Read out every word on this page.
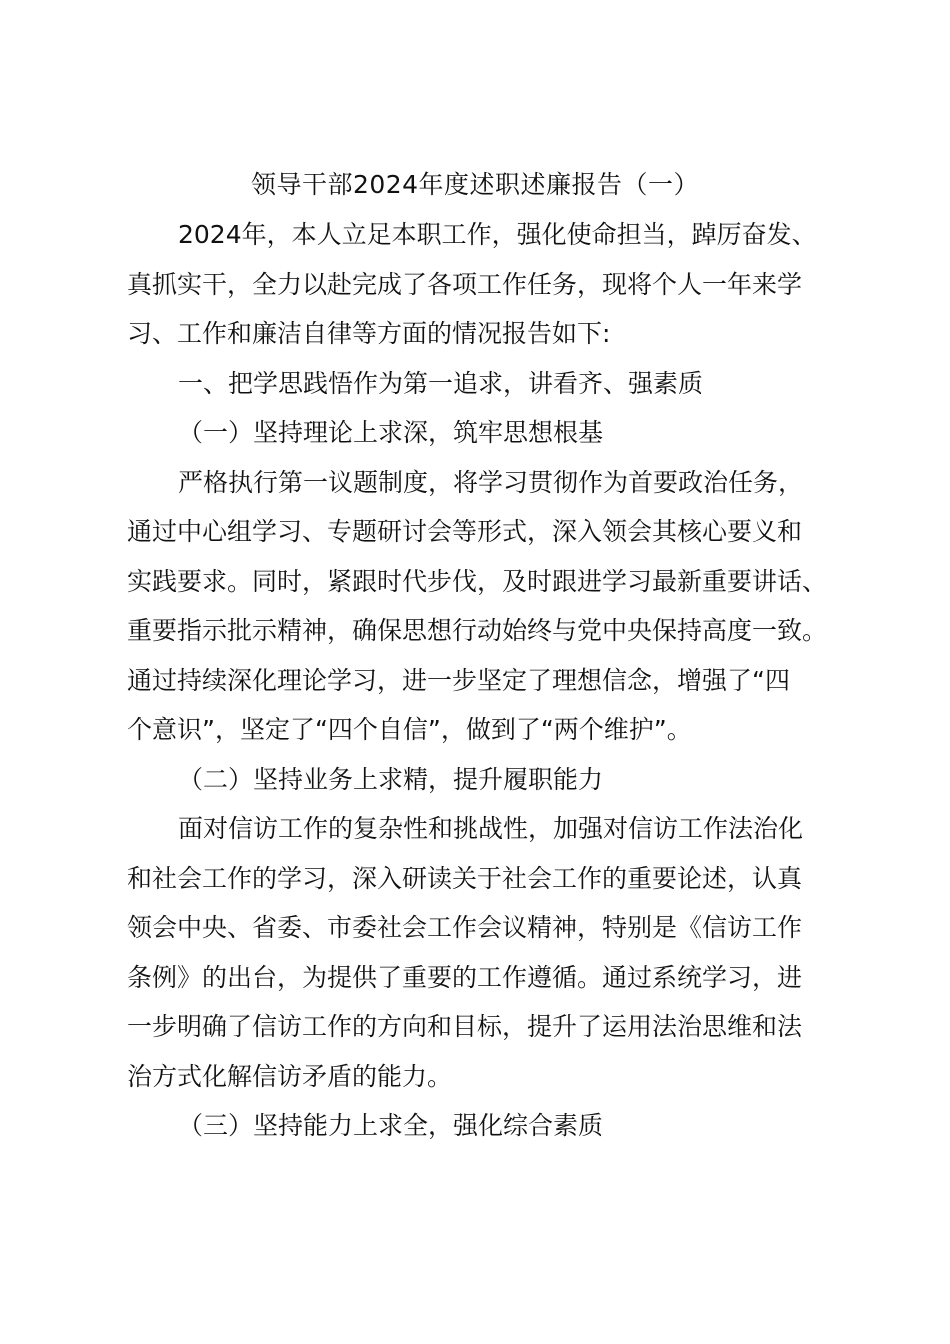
领导干部2024年度述职述廉报告（一）
2024年，本人立足本职工作，强化使命担当，踔厉奋发、
真抓实干，全力以赴完成了各项工作任务，现将个人一年来学
习、工作和廉洁自律等方面的情况报告如下:
一、把学思践悟作为第一追求，讲看齐、强素质
（一）坚持理论上求深，筑牢思想根基
严格执行第一议题制度，将学习贯彻作为首要政治任务，
通过中心组学习、专题研讨会等形式，深入领会其核心要义和
实践要求。同时，紧跟时代步伐，及时跟进学习最新重要讲话、
重要指示批示精神，确保思想行动始终与党中央保持高度一致。
通过持续深化理论学习，进一步坚定了理想信念，增强了“四
个意识”，坚定了“四个自信”，做到了“两个维护”。
（二）坚持业务上求精，提升履职能力
面对信访工作的复杂性和挑战性，加强对信访工作法治化
和社会工作的学习，深入研读关于社会工作的重要论述，认真
领会中央、省委、市委社会工作会议精神，特别是《信访工作
条例》的出台，为提供了重要的工作遵循。通过系统学习，进
一步明确了信访工作的方向和目标，提升了运用法治思维和法
治方式化解信访矛盾的能力。
（三）坚持能力上求全，强化综合素质
